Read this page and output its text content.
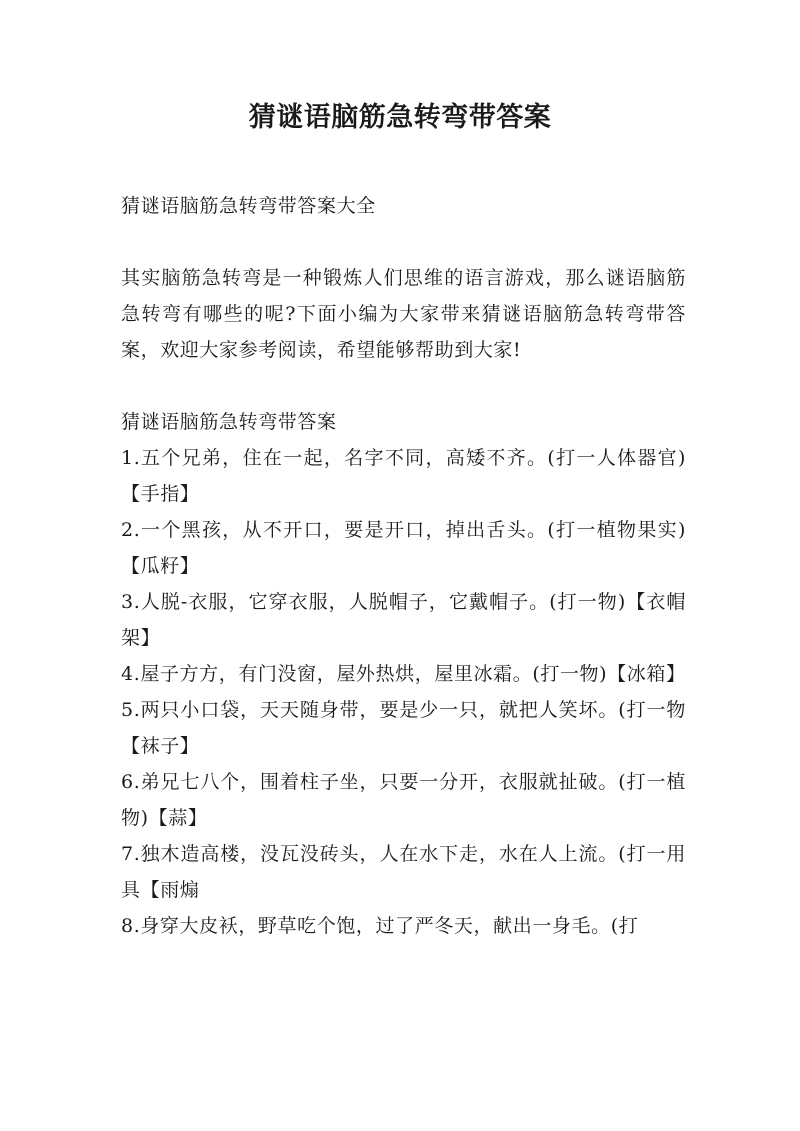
猜谜语脑筋急转弯带答案

猜谜语脑筋急转弯带答案大全

其实脑筋急转弯是一种锻炼人们思维的语言游戏，那么谜语脑筋急转弯有哪些的呢?下面小编为大家带来猜谜语脑筋急转弯带答案，欢迎大家参考阅读，希望能够帮助到大家!

猜谜语脑筋急转弯带答案

1.五个兄弟，住在一起，名字不同，高矮不齐。(打一人体器官)【手指】

2.一个黑孩，从不开口，要是开口，掉出舌头。(打一植物果实)【瓜籽】

3.人脱-衣服，它穿衣服，人脱帽子，它戴帽子。(打一物)【衣帽架】

4.屋子方方，有门没窗，屋外热烘，屋里冰霜。(打一物)【冰箱】

5.两只小口袋，天天随身带，要是少一只，就把人笑坏。(打一物【袜子】

6.弟兄七八个，围着柱子坐，只要一分开，衣服就扯破。(打一植物)【蒜】

7.独木造高楼，没瓦没砖头，人在水下走，水在人上流。(打一用具【雨煽

8.身穿大皮袄，野草吃个饱，过了严冬天，献出一身毛。(打
